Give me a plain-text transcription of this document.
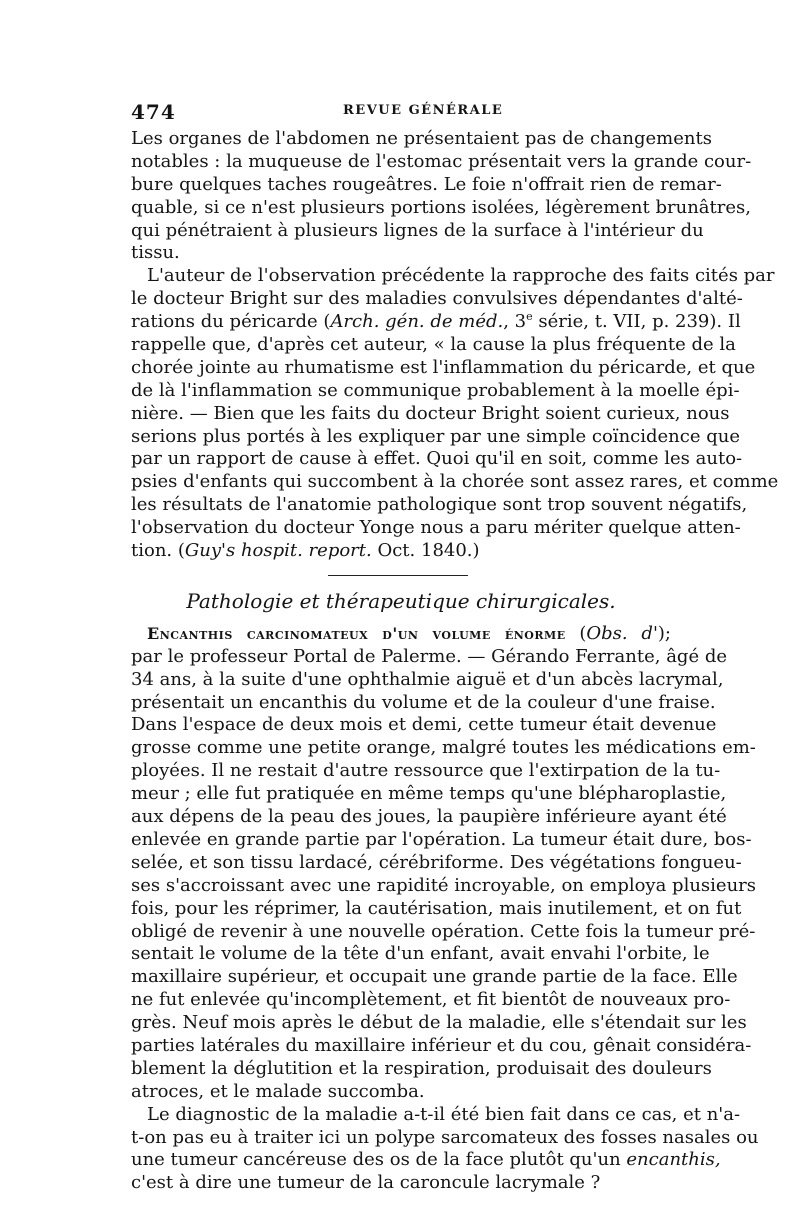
474	REVUE GÉNÉRALE
Les organes de l'abdomen ne présentaient pas de changements
notables : la muqueuse de l'estomac présentait vers la grande cour-
bure quelques taches rougeâtres. Le foie n'offrait rien de remar-
quable, si ce n'est plusieurs portions isolées, légèrement brunâtres,
qui pénétraient à plusieurs lignes de la surface à l'intérieur du
tissu.
L'auteur de l'observation précédente la rapproche des faits cités par
le docteur Bright sur des maladies convulsives dépendantes d'alté-
rations du péricarde (Arch. gén. de méd., 3e série, t. VII, p. 239). Il
rappelle que, d'après cet auteur, « la cause la plus fréquente de la
chorée jointe au rhumatisme est l'inflammation du péricarde, et que
de là l'inflammation se communique probablement à la moelle épi-
nière. — Bien que les faits du docteur Bright soient curieux, nous
serions plus portés à les expliquer par une simple coïncidence que
par un rapport de cause à effet. Quoi qu'il en soit, comme les auto-
psies d'enfants qui succombent à la chorée sont assez rares, et comme
les résultats de l'anatomie pathologique sont trop souvent négatifs,
l'observation du docteur Yonge nous a paru mériter quelque atten-
tion. (Guy's hospit. report. Oct. 1840.)
Pathologie et thérapeutique chirurgicales.
Encanthis carcinomateux d'un volume énorme (Obs. d');
par le professeur Portal de Palerme. — Gérando Ferrante, âgé de
34 ans, à la suite d'une ophthalmie aiguë et d'un abcès lacrymal,
présentait un encanthis du volume et de la couleur d'une fraise.
Dans l'espace de deux mois et demi, cette tumeur était devenue
grosse comme une petite orange, malgré toutes les médications em-
ployées. Il ne restait d'autre ressource que l'extirpation de la tu-
meur ; elle fut pratiquée en même temps qu'une blépharoplastie,
aux dépens de la peau des joues, la paupière inférieure ayant été
enlevée en grande partie par l'opération. La tumeur était dure, bos-
selée, et son tissu lardacé, cérébriforme. Des végétations fongueu-
ses s'accroissant avec une rapidité incroyable, on employa plusieurs
fois, pour les réprimer, la cautérisation, mais inutilement, et on fut
obligé de revenir à une nouvelle opération. Cette fois la tumeur pré-
sentait le volume de la tête d'un enfant, avait envahi l'orbite, le
maxillaire supérieur, et occupait une grande partie de la face. Elle
ne fut enlevée qu'incomplètement, et fit bientôt de nouveaux pro-
grès. Neuf mois après le début de la maladie, elle s'étendait sur les
parties latérales du maxillaire inférieur et du cou, gênait considéra-
blement la déglutition et la respiration, produisait des douleurs
atroces, et le malade succomba.
Le diagnostic de la maladie a-t-il été bien fait dans ce cas, et n'a-
t-on pas eu à traiter ici un polype sarcomateux des fosses nasales ou
une tumeur cancéreuse des os de la face plutôt qu'un encanthis,
c'est à dire une tumeur de la caroncule lacrymale ?
